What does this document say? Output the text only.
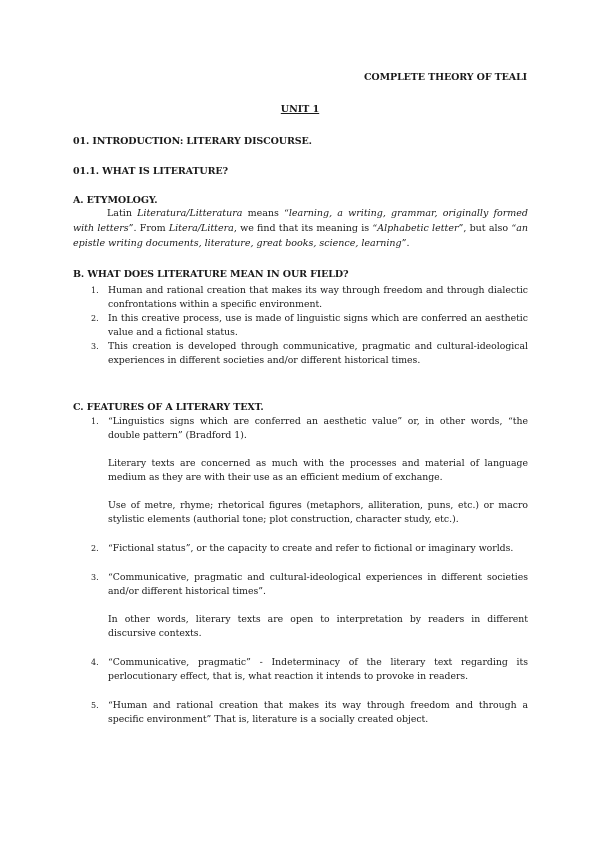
COMPLETE THEORY OF TEALI
UNIT 1
01. INTRODUCTION: LITERARY DISCOURSE.
01.1. WHAT IS LITERATURE?
A. ETYMOLOGY.
Latin Literatura/Litteratura means “learning, a writing, grammar, originally formed with letters”. From Litera/Littera, we find that its meaning is “Alphabetic letter”, but also “an epistle writing documents, literature, great books, science, learning”.
B. WHAT DOES LITERATURE MEAN IN OUR FIELD?
1. Human and rational creation that makes its way through freedom and through dialectic confrontations within a specific environment.
2. In this creative process, use is made of linguistic signs which are conferred an aesthetic value and a fictional status.
3. This creation is developed through communicative, pragmatic and cultural-ideological experiences in different societies and/or different historical times.
C. FEATURES OF A LITERARY TEXT.
1. “Linguistics signs which are conferred an aesthetic value” or, in other words, “the double pattern” (Bradford 1).
Literary texts are concerned as much with the processes and material of language medium as they are with their use as an efficient medium of exchange.
Use of metre, rhyme; rhetorical figures (metaphors, alliteration, puns, etc.) or macro stylistic elements (authorial tone; plot construction, character study, etc.).
2. “Fictional status”, or the capacity to create and refer to fictional or imaginary worlds.
3. “Communicative, pragmatic and cultural-ideological experiences in different societies and/or different historical times”.
In other words, literary texts are open to interpretation by readers in different discursive contexts.
4. “Communicative, pragmatic” - Indeterminacy of the literary text regarding its perlocutionary effect, that is, what reaction it intends to provoke in readers.
5. “Human and rational creation that makes its way through freedom and through a specific environment” That is, literature is a socially created object.
